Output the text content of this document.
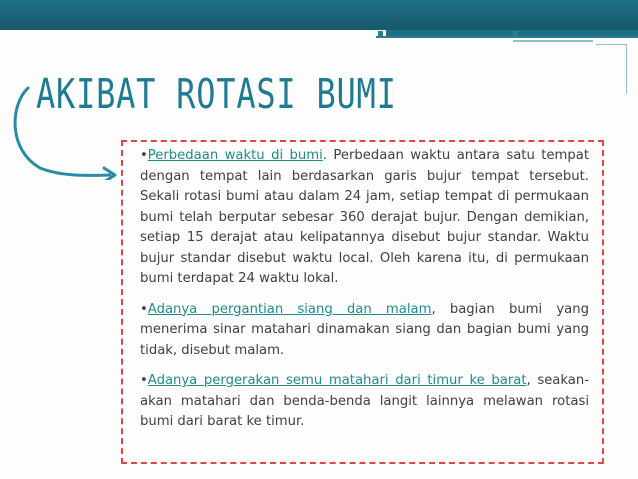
AKIBAT ROTASI BUMI

•Perbedaan waktu di bumi. Perbedaan waktu antara satu tempat dengan tempat lain berdasarkan garis bujur tempat tersebut. Sekali rotasi bumi atau dalam 24 jam, setiap tempat di permukaan bumi telah berputar sebesar 360 derajat bujur. Dengan demikian, setiap 15 derajat atau kelipatannya disebut bujur standar. Waktu bujur standar disebut waktu local. Oleh karena itu, di permukaan bumi terdapat 24 waktu lokal.

•Adanya pergantian siang dan malam, bagian bumi yang menerima sinar matahari dinamakan siang dan bagian bumi yang tidak, disebut malam.

•Adanya pergerakan semu matahari dari timur ke barat, seakan-akan matahari dan benda-benda langit lainnya melawan rotasi bumi dari barat ke timur.
